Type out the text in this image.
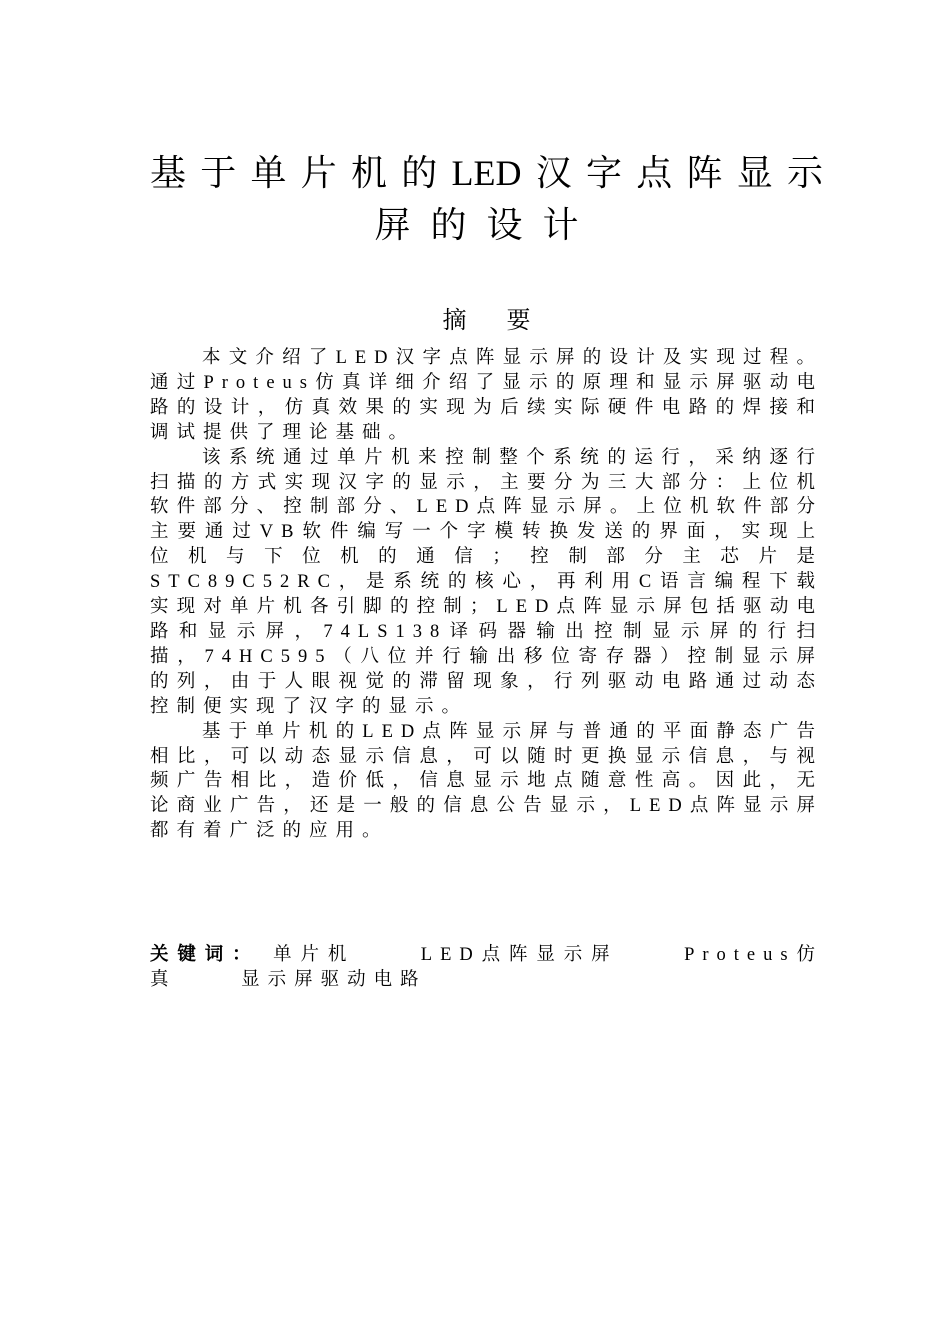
基于单片机的LED汉字点阵显示
屏的设计
摘要

本文介绍了LED汉字点阵显示屏的设计及实现过程。通过Proteus仿真详细介绍了显示的原理和显示屏驱动电路的设计，仿真效果的实现为后续实际硬件电路的焊接和调试提供了理论基础。

该系统通过单片机来控制整个系统的运行，采纳逐行扫描的方式实现汉字的显示，主要分为三大部分：上位机软件部分、控制部分、LED点阵显示屏。上位机软件部分主要通过VB软件编写一个字模转换发送的界面，实现上位机与下位机的通信；控制部分主芯片是STC89C52RC，是系统的核心，再利用C语言编程下载实现对单片机各引脚的控制；LED点阵显示屏包括驱动电路和显示屏，74LS138译码器输出控制显示屏的行扫描，74HC595（八位并行输出移位寄存器）控制显示屏的列，由于人眼视觉的滞留现象，行列驱动电路通过动态控制便实现了汉字的显示。

基于单片机的LED点阵显示屏与普通的平面静态广告相比，可以动态显示信息，可以随时更换显示信息，与视频广告相比，造价低，信息显示地点随意性高。因此，无论商业广告，还是一般的信息公告显示，LED点阵显示屏都有着广泛的应用。

关键词： 单片机	LED点阵显示屏	Proteus仿真	显示屏驱动电路
